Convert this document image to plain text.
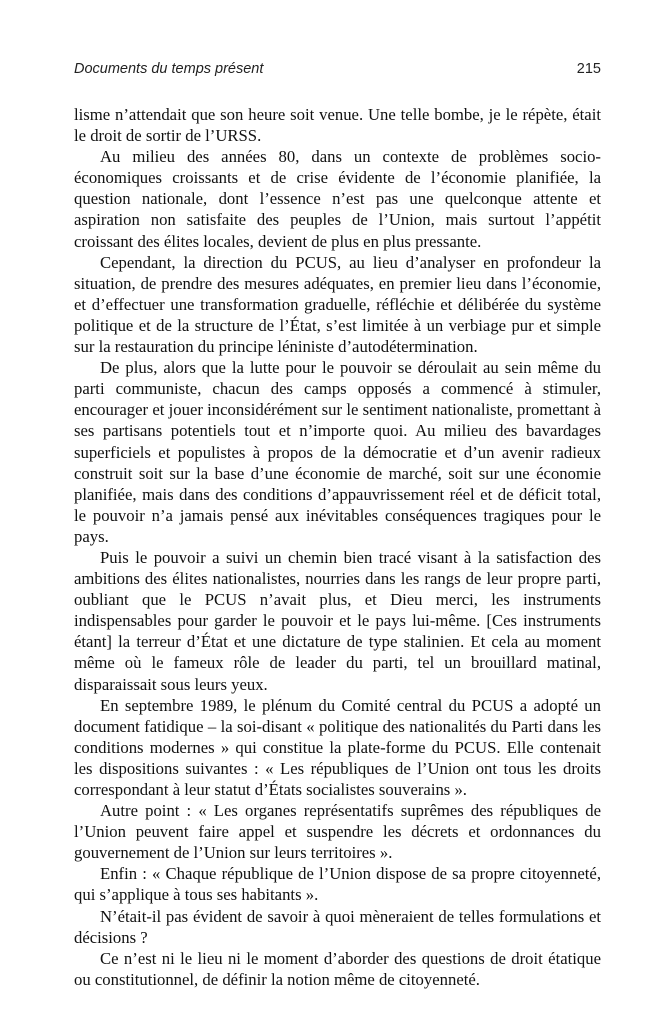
Documents du temps présent	215

lisme n’attendait que son heure soit venue. Une telle bombe, je le répète, était le droit de sortir de l’URSS.

Au milieu des années 80, dans un contexte de problèmes socio-économiques croissants et de crise évidente de l’économie planifiée, la question nationale, dont l’essence n’est pas une quelconque attente et aspiration non satisfaite des peuples de l’Union, mais surtout l’appétit croissant des élites locales, devient de plus en plus pressante.

Cependant, la direction du PCUS, au lieu d’analyser en profondeur la situation, de prendre des mesures adéquates, en premier lieu dans l’économie, et d’effectuer une transformation graduelle, réfléchie et délibérée du système politique et de la structure de l’État, s’est limitée à un verbiage pur et simple sur la restauration du principe léniniste d’autodétermination.

De plus, alors que la lutte pour le pouvoir se déroulait au sein même du parti communiste, chacun des camps opposés a commencé à stimuler, encourager et jouer inconsidérément sur le sentiment nationaliste, promettant à ses partisans potentiels tout et n’importe quoi. Au milieu des bavardages superficiels et populistes à propos de la démocratie et d’un avenir radieux construit soit sur la base d’une économie de marché, soit sur une économie planifiée, mais dans des conditions d’appauvrissement réel et de déficit total, le pouvoir n’a jamais pensé aux inévitables conséquences tragiques pour le pays.

Puis le pouvoir a suivi un chemin bien tracé visant à la satisfaction des ambitions des élites nationalistes, nourries dans les rangs de leur propre parti, oubliant que le PCUS n’avait plus, et Dieu merci, les instruments indispensables pour garder le pouvoir et le pays lui-même. [Ces instruments étant] la terreur d’État et une dictature de type stalinien. Et cela au moment même où le fameux rôle de leader du parti, tel un brouillard matinal, disparaissait sous leurs yeux.

En septembre 1989, le plénum du Comité central du PCUS a adopté un document fatidique – la soi-disant « politique des nationalités du Parti dans les conditions modernes » qui constitue la plate-forme du PCUS. Elle contenait les dispositions suivantes : « Les républiques de l’Union ont tous les droits correspondant à leur statut d’États socialistes souverains ».

Autre point : « Les organes représentatifs suprêmes des républiques de l’Union peuvent faire appel et suspendre les décrets et ordonnances du gouvernement de l’Union sur leurs territoires ».

Enfin : « Chaque république de l’Union dispose de sa propre citoyenneté, qui s’applique à tous ses habitants ».

N’était-il pas évident de savoir à quoi mèneraient de telles formulations et décisions ?

Ce n’est ni le lieu ni le moment d’aborder des questions de droit étatique ou constitutionnel, de définir la notion même de citoyenneté.
